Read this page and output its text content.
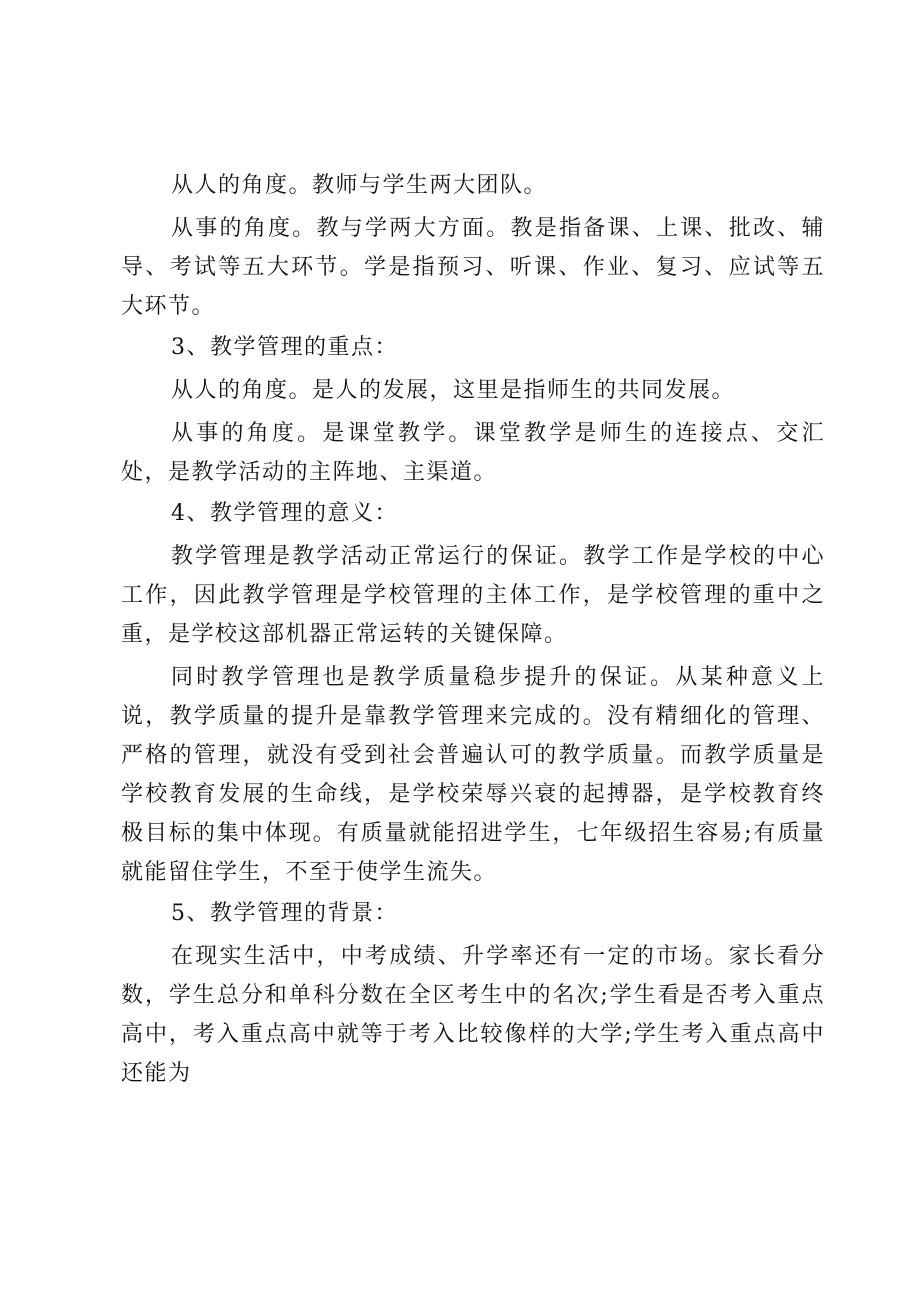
从人的角度。教师与学生两大团队。

从事的角度。教与学两大方面。教是指备课、上课、批改、辅导、考试等五大环节。学是指预习、听课、作业、复习、应试等五大环节。

3、教学管理的重点：

从人的角度。是人的发展，这里是指师生的共同发展。

从事的角度。是课堂教学。课堂教学是师生的连接点、交汇处，是教学活动的主阵地、主渠道。

4、教学管理的意义：

教学管理是教学活动正常运行的保证。教学工作是学校的中心工作，因此教学管理是学校管理的主体工作，是学校管理的重中之重，是学校这部机器正常运转的关键保障。

同时教学管理也是教学质量稳步提升的保证。从某种意义上说，教学质量的提升是靠教学管理来完成的。没有精细化的管理、严格的管理，就没有受到社会普遍认可的教学质量。而教学质量是学校教育发展的生命线，是学校荣辱兴衰的起搏器，是学校教育终极目标的集中体现。有质量就能招进学生，七年级招生容易;有质量就能留住学生，不至于使学生流失。

5、教学管理的背景：

在现实生活中，中考成绩、升学率还有一定的市场。家长看分数，学生总分和单科分数在全区考生中的名次;学生看是否考入重点高中，考入重点高中就等于考入比较像样的大学;学生考入重点高中还能为
